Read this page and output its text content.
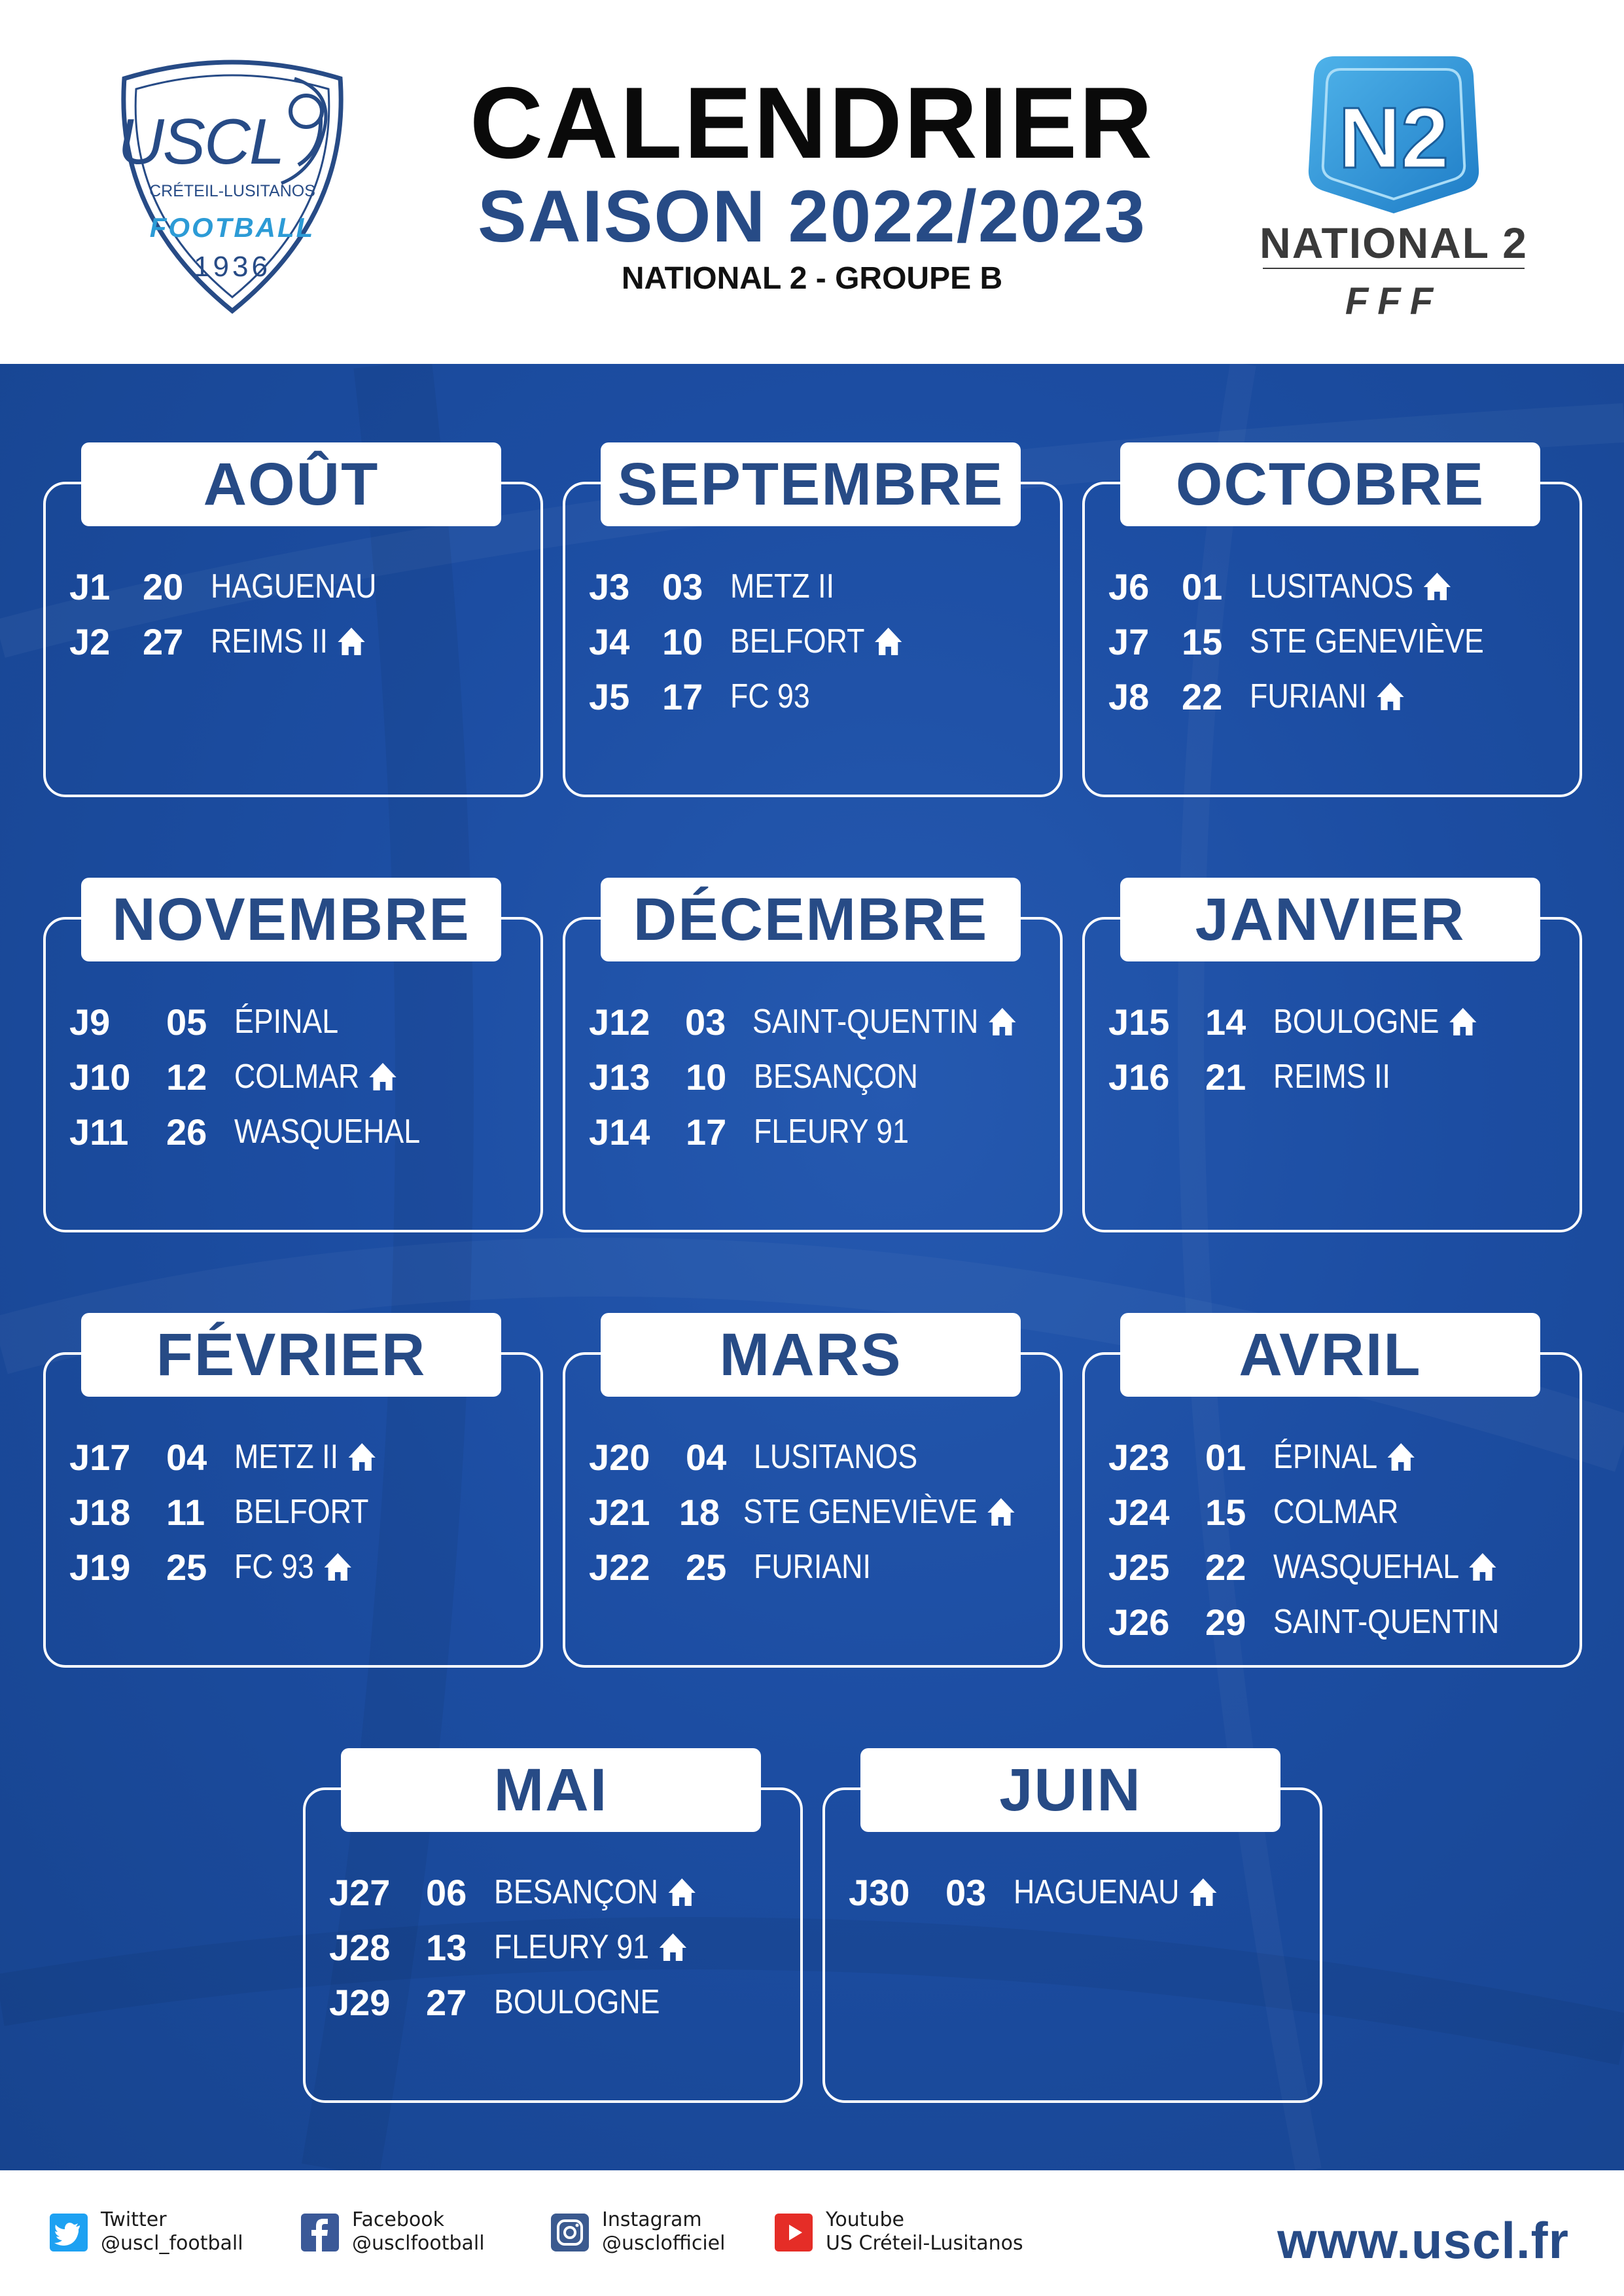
USCL
CRÉTEIL-LUSITANOS
FOOTBALL
1936
CALENDRIER
SAISON 2022/2023
NATIONAL 2 - GROUPE B
N2
NATIONAL 2
FFF
AOÛT
J1 20 HAGUENAU
J2 27 REIMS II
SEPTEMBRE
J3 03 METZ II
J4 10 BELFORT
J5 17 FC 93
OCTOBRE
J6 01 LUSITANOS
J7 15 STE GENEVIÈVE
J8 22 FURIANI
NOVEMBRE
J9	05 ÉPINAL
J10 12 COLMAR
J11	26 WASQUEHAL
DÉCEMBRE
J12 03 SAINT-QUENTIN
J13 10 BESANÇON
J14 17 FLEURY 91
JANVIER
J15 14 BOULOGNE
J16 21 REIMS II
FÉVRIER
J17 04 METZ II
J18 11 BELFORT
J19 25 FC 93
MARS
J20 04 LUSITANOS
J21 18 STE GENEVIÈVE
J22 25 FURIANI
AVRIL
J23 01 ÉPINAL
J24 15 COLMAR
J25 22 WASQUEHAL
J26 29 SAINT-QUENTIN
MAI
J27 06 BESANÇON
J28 13 FLEURY 91
J29 27 BOULOGNE
JUIN
J30 03 HAGUENAU
Twitter
@uscl_football
Facebook
@usclfootball
Instagram
@usclofficiel
Youtube
US Créteil-Lusitanos	www.uscl.fr
